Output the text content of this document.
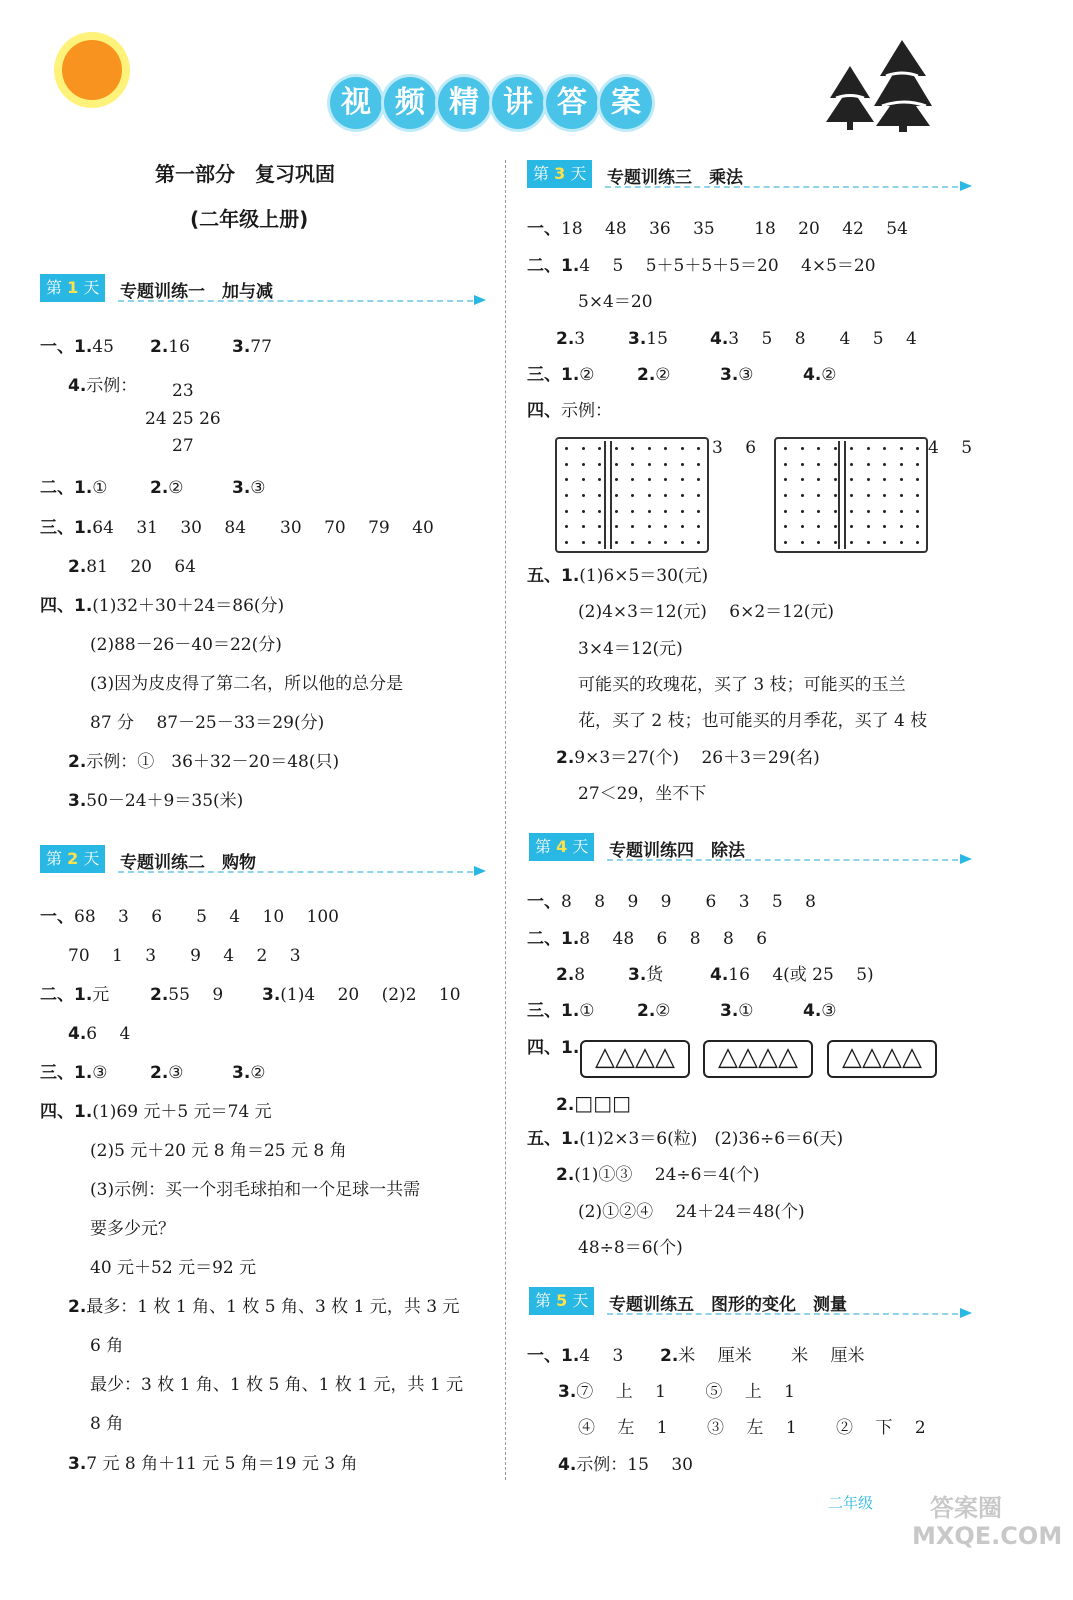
视 频 精 讲 答 案
第一部分　复习巩固
(二年级上册)
第 1 天	专题训练一　加与减
一、1.45 2.16 3.77
4.示例： 23
24 25 26
27
二、1.① 2.②	3.③
三、1.64　 31　 30　 84　　30　 70　 79　 40
2.81　 20　 64
四、1.(1)32＋30＋24＝86(分)
(2)88－26－40＝22(分)
(3)因为皮皮得了第二名，所以他的总分是
87 分　 87－25－33＝29(分)
2.示例：①　36＋32－20＝48(只)
3.50－24＋9＝35(米)
第 2 天	专题训练二　购物
一、68　 3　 6　　5　 4　 10　 100
70　 1　 3　　9　 4　 2　 3
二、1.元 2.55　 9 3.(1)4　 20　 (2)2　 10
4.6　 4
三、1.③ 2.③	3.②
四、1.(1)69 元＋5 元＝74 元
(2)5 元＋20 元 8 角＝25 元 8 角
(3)示例：买一个羽毛球拍和一个足球一共需
要多少元？
40 元＋52 元＝92 元
2.最多：1 枚 1 角、1 枚 5 角、3 枚 1 元，共 3 元
6 角
最少：3 枚 1 角、1 枚 5 角、1 枚 1 元，共 1 元
8 角
3.7 元 8 角＋11 元 5 角＝19 元 3 角
第 3 天	专题训练三　乘法
一、18　 48　 36　 35　　 18　 20　 42　 54
二、1.4　 5　 5＋5＋5＋5＝20　 4×5＝20
5×4＝20
2.3	3.15 4.3　 5　 8　　4　 5　 4
三、1.② 2.②	3.③	4.②
四、示例：
3　 6	4　 5
五、1.(1)6×5＝30(元)
(2)4×3＝12(元)　 6×2＝12(元)
3×4＝12(元)
可能买的玫瑰花，买了 3 枝；可能买的玉兰
花，买了 2 枝；也可能买的月季花，买了 4 枝
2.9×3＝27(个)　 26＋3＝29(名)
27＜29，坐不下
第 4 天	专题训练四　除法
一、8　 8　 9　 9　　6　 3　 5　 8
二、1.8　 48　 6　 8　 8　 6
2.8	3.货	4.16　 4(或 25　 5)
三、1.① 2.②	3.①	4.③
四、1. △△△△	△△△△	△△△△
2.□□□
五、1.(1)2×3＝6(粒)　(2)36÷6＝6(天)
2.(1)①③　 24÷6＝4(个)
(2)①②④　 24＋24＝48(个)
48÷8＝6(个)
第 5 天	专题训练五　图形的变化　测量
一、1.4　 3 2.米　 厘米　　 米　 厘米
3.⑦　 上　 1　　 ⑤　 上　 1
④　 左　 1　　 ③　 左　 1　　 ②　 下　 2
4.示例：15　 30
二年级 答案圈
MXQE.COM
